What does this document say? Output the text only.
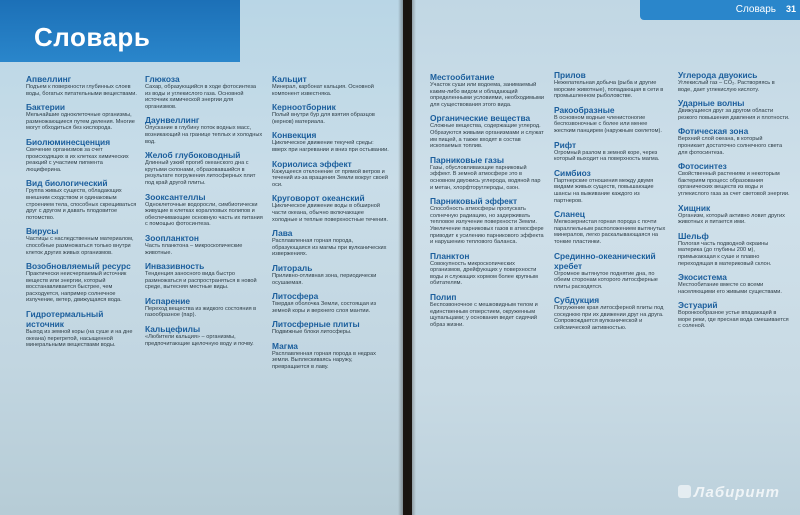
Словарь
Апвеллинг
Подъем к поверхности глубинных слоев воды, богатых питательными веществами.
Бактерии
Мельчайшие одноклеточные организмы, размножающиеся путем деления. Многие могут обходиться без кислорода.
Биолюминесценция
Свечение организмов за счет происходящих в их клетках химических реакций с участием пигмента люциферина.
Вид биологический
Группа живых существ, обладающих внешним сходством и одинаковым строением тела, способных скрещиваться друг с другом и давать плодовитое потомство.
Вирусы
Частицы с наследственным материалом, способные размножаться только внутри клеток других живых организмов.
Возобновляемый ресурс
Практически неисчерпаемый источник веществ или энергии, который восстанавливается быстрее, чем расходуется, например солнечное излучение, ветер, движущаяся вода.
Гидротермальный источник
Выход из земной коры (на суше и на дне океана) перегретой, насыщенной минеральными веществами воды.
Глюкоза
Сахар, образующийся в ходе фотосинтеза из воды и углекислого газа. Основной источник химической энергии для организмов.
Даунвеллинг
Опускание в глубину поток водных масс, возникающий на границе теплых и холодных вод.
Желоб глубоководный
Длинный узкий прогиб океанского дна с крутыми склонами, образовавшийся в результате погружения литосферных плит под край другой плиты.
Зооксантеллы
Одноклеточные водоросли, симбиотически живущие в клетках коралловых полипов и обеспечивающие основную часть их питания с помощью фотосинтеза.
Зоопланктон
Часть планктона – микроскопические животные.
Инвазивность
Тенденция заносного вида быстро размножаться и распространяться в новой среде, вытесняя местные виды.
Испарение
Переход вещества из жидкого состояния в газообразное (пар).
Кальцефилы
«Любители кальция» – организмы, предпочитающие щелочную воду и почву.
Кальцит
Минерал, карбонат кальция. Основной компонент известняка.
Керноотборник
Полый внутри бур для взятия образцов (кернов) материала.
Конвекция
Циклическое движение текучей среды: вверх при нагревании и вниз при остывании.
Кориолиса эффект
Кажущееся отклонение от прямой ветров и течений из-за вращения Земли вокруг своей оси.
Круговорот океанский
Циклическое движение воды в обширной части океана, обычно включающее холодные и теплые поверхностные течения.
Лава
Расплавленная горная порода, образующаяся из магмы при вулканических извержениях.
Литораль
Приливно-отливная зона, периодически осушаемая.
Литосфера
Твердая оболочка Земли, состоящая из земной коры и верхнего слоя мантии.
Литосферные плиты
Подвижные блоки литосферы.
Магма
Расплавленная горная порода в недрах земли. Выплескиваясь наружу, превращается в лаву.
Словарь 31
Местообитание
Участок суши или водоема, занимаемый каким-либо видом и обладающий определенными условиями, необходимыми для существования этого вида.
Органические вещества
Сложные вещества, содержащие углерод. Образуются живыми организмами и служат им пищей, а также входят в состав ископаемых топлив.
Парниковые газы
Газы, обусловливающие парниковый эффект. В земной атмосфере это в основном двуокись углерода, водяной пар и метан, хлорфторуглероды, озон.
Парниковый эффект
Способность атмосферы пропускать солнечную радиацию, но задерживать тепловое излучение поверхности Земли. Увеличение парниковых газов в атмосфере приводит к усилению парникового эффекта и нарушению теплового баланса.
Планктон
Совокупность микроскопических организмов, дрейфующих у поверхности воды и служащих кормом более крупным обитателям.
Полип
Беспозвоночное с мешковидным телом и единственным отверстием, окруженным щупальцами; у основания ведет сидячий образ жизни.
Прилов
Нежелательная добыча (рыба и другие морские животные), попадающая в сети в промышленном рыболовстве.
Ракообразные
В основном водные членистоногие беспозвоночные с более или менее жестким панцирем (наружным скелетом).
Рифт
Огромный разлом в земной коре, через который выходит на поверхность магма.
Симбиоз
Партнерские отношения между двумя видами живых существ, повышающие шансы на выживание каждого из партнеров.
Сланец
Мелкозернистая горная порода с почти параллельным расположением вытянутых минералов, легко раскалывающаяся на тонкие пластинки.
Срединно-океанический хребет
Огромное вытянутое поднятие дна, по обеим сторонам которого литосферные плиты расходятся.
Субдукция
Погружение края литосферной плиты под соседнюю при их движении друг на друга. Сопровождается вулканической и сейсмической активностью.
Углерода двуокись
Углекислый газ – CO₂. Растворяясь в воде, дает углекислую кислоту.
Ударные волны
Движущиеся друг за другом области резкого повышения давления и плотности.
Фотическая зона
Верхний слой океана, в который проникает достаточно солнечного света для фотосинтеза.
Фотосинтез
Свойственный растениям и некоторым бактериям процесс образования органических веществ из воды и углекислого газа за счет световой энергии.
Хищник
Организм, который активно ловит других животных и питается ими.
Шельф
Пологая часть подводной окраины материка (до глубины 200 м), примыкающая к суше и плавно переходящая в материковый склон.
Экосистема
Местообитание вместе со всеми населяющими его живыми существами.
Эстуарий
Воронкообразное устье впадающей в море реки, где пресная вода смешивается с соленой.
Лабиринт
